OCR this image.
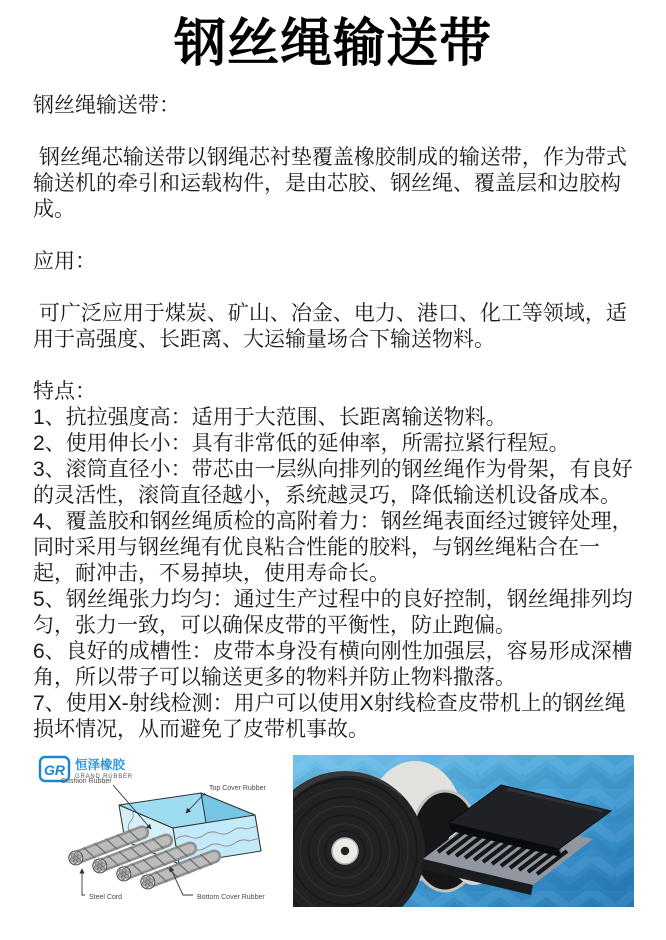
钢丝绳输送带

钢丝绳输送带：

钢丝绳芯输送带以钢绳芯衬垫覆盖橡胶制成的输送带，作为带式输送机的牵引和运载构件，是由芯胶、钢丝绳、覆盖层和边胶构成。

应用：

可广泛应用于煤炭、矿山、冶金、电力、港口、化工等领域，适用于高强度、长距离、大运输量场合下输送物料。

特点：

1、抗拉强度高：适用于大范围、长距离输送物料。

2、使用伸长小：具有非常低的延伸率，所需拉紧行程短。

3、滚筒直径小：带芯由一层纵向排列的钢丝绳作为骨架，有良好的灵活性，滚筒直径越小，系统越灵巧，降低输送机设备成本。

4、覆盖胶和钢丝绳质检的高附着力：钢丝绳表面经过镀锌处理，同时采用与钢丝绳有优良粘合性能的胶料，与钢丝绳粘合在一起，耐冲击，不易掉块，使用寿命长。

5、钢丝绳张力均匀：通过生产过程中的良好控制，钢丝绳排列均匀，张力一致，可以确保皮带的平衡性，防止跑偏。

6、良好的成槽性：皮带本身没有横向刚性加强层，容易形成深槽角，所以带子可以输送更多的物料并防止物料撒落。

7、使用X-射线检测：用户可以使用X射线检查皮带机上的钢丝绳损坏情况，从而避免了皮带机事故。

GR 恒泽橡胶
GRAND RUBBER
Cushion Rubber
Top Cover Rubber
Steel Cord	Bottom Cover Rubber
